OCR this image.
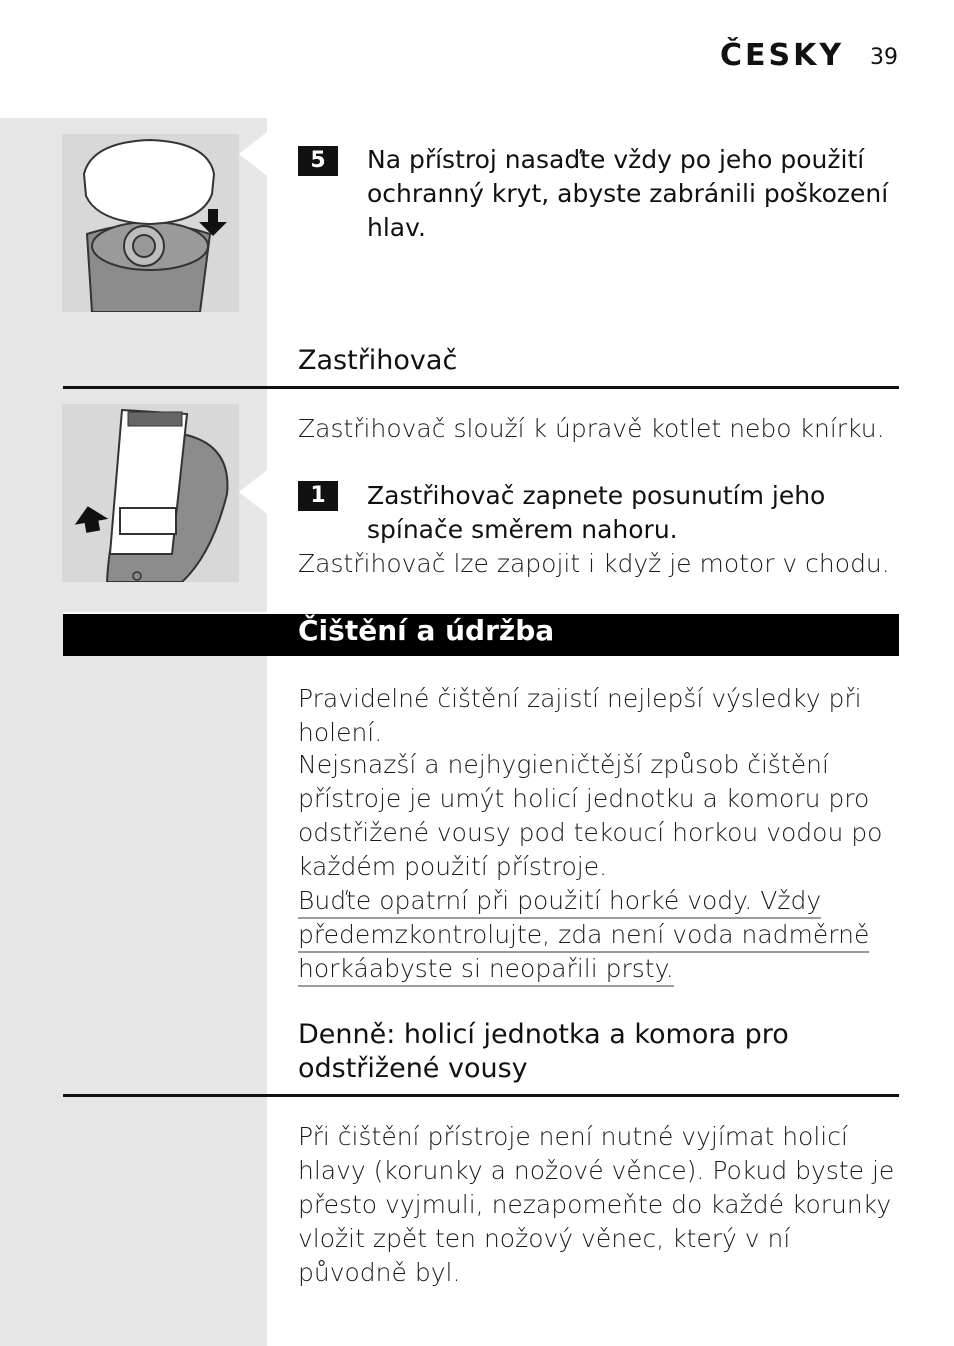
ČESKY 39
5	Na přístroj nasaďte vždy po jeho použití ochranný kryt, abyste zabránili poškození hlav.
Zastřihovač
Zastřihovač slouží k úpravě kotlet nebo knírku.
1	Zastřihovač zapnete posunutím jeho spínače směrem nahoru.
Zastřihovač lze zapojit i když je motor v chodu.
Čištění a údržba
Pravidelné čištění zajistí nejlepší výsledky při holení.
Nejsnazší a nejhygieničtější způsob čištění přístroje je umýt holicí jednotku a komoru pro odstřižené vousy pod tekoucí horkou vodou po každém použití přístroje.
Buďte opatrní při použití horké vody. Vždy
předemzkontrolujte, zda není voda nadměrně
horkáabyste si neopařili prsty.
Denně: holicí jednotka a komora pro odstřižené vousy
Při čištění přístroje není nutné vyjímat holicí hlavy (korunky a nožové věnce). Pokud byste je přesto vyjmuli, nezapomeňte do každé korunky vložit zpět ten nožový věnec, který v ní původně byl.
